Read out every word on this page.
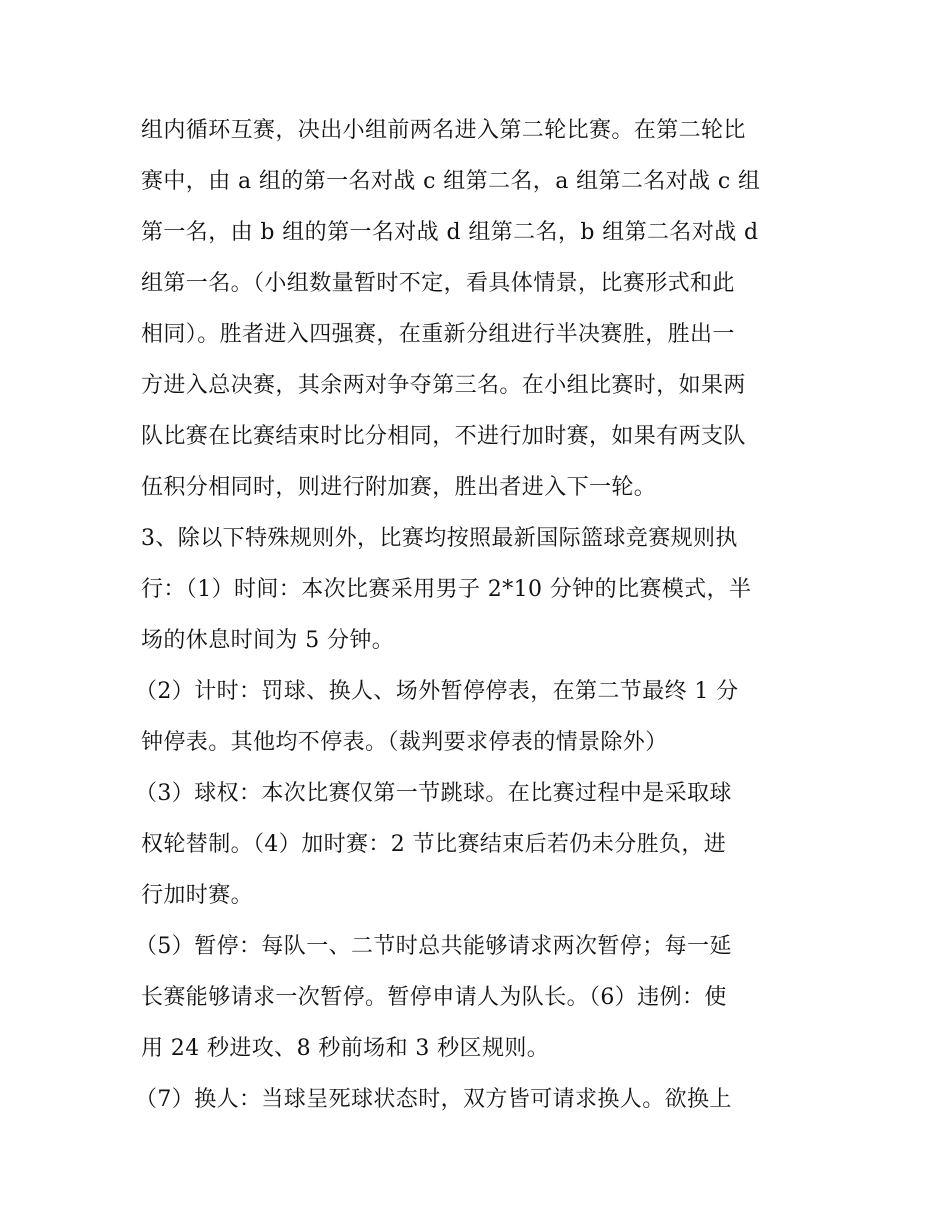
组内循环互赛，决出小组前两名进入第二轮比赛。在第二轮比
赛中，由 a 组的第一名对战 c 组第二名，a 组第二名对战 c 组
第一名，由 b 组的第一名对战 d 组第二名，b 组第二名对战 d
组第一名。（小组数量暂时不定，看具体情景，比赛形式和此
相同）。胜者进入四强赛，在重新分组进行半决赛胜，胜出一
方进入总决赛，其余两对争夺第三名。在小组比赛时，如果两
队比赛在比赛结束时比分相同，不进行加时赛，如果有两支队
伍积分相同时，则进行附加赛，胜出者进入下一轮。
3、除以下特殊规则外，比赛均按照最新国际篮球竞赛规则执
行：（1）时间：本次比赛采用男子 2*10 分钟的比赛模式，半
场的休息时间为 5 分钟。
（2）计时：罚球、换人、场外暂停停表，在第二节最终 1 分
钟停表。其他均不停表。（裁判要求停表的情景除外）
（3）球权：本次比赛仅第一节跳球。在比赛过程中是采取球
权轮替制。（4）加时赛：2 节比赛结束后若仍未分胜负，进
行加时赛。
（5）暂停：每队一、二节时总共能够请求两次暂停；每一延
长赛能够请求一次暂停。暂停申请人为队长。（6）违例：使
用 24 秒进攻、8 秒前场和 3 秒区规则。
（7）换人：当球呈死球状态时，双方皆可请求换人。欲换上
